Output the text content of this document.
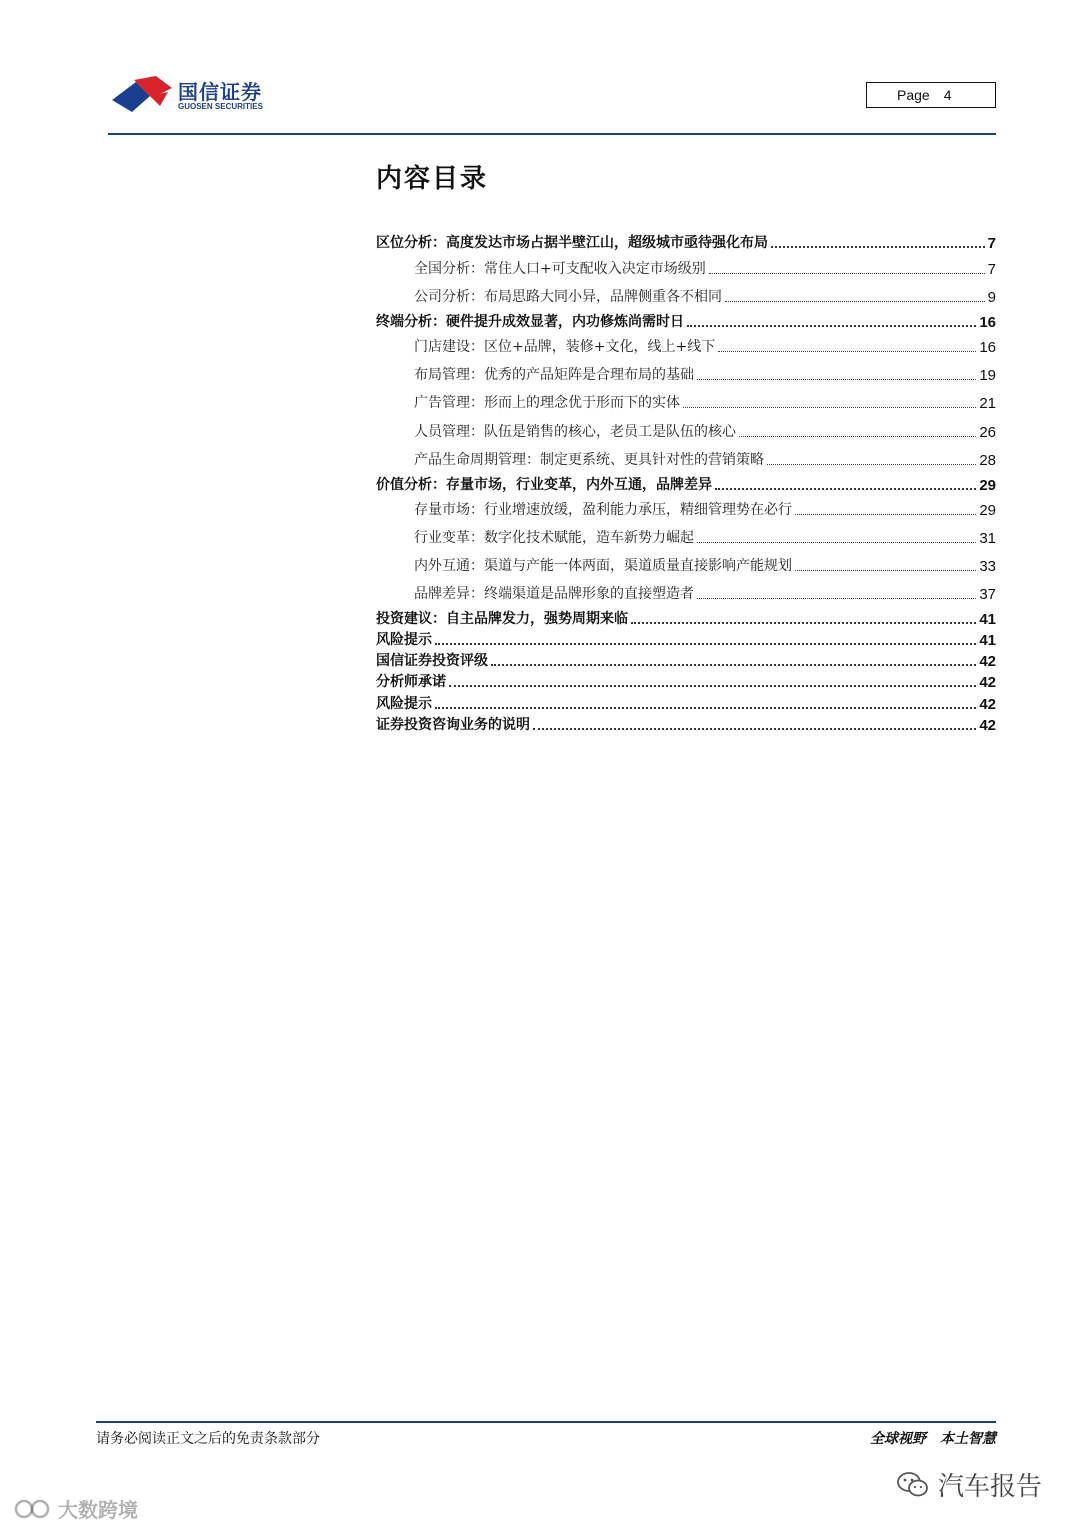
国信证券
GUOSEN SECURITIES
Page 4
内容目录
区位分析：高度发达市场占据半壁江山，超级城市亟待强化布局	7
全国分析：常住人口+可支配收入决定市场级别	7
公司分析：布局思路大同小异，品牌侧重各不相同	9
终端分析：硬件提升成效显著，内功修炼尚需时日	16
门店建设：区位+品牌，装修+文化，线上+线下	16
布局管理：优秀的产品矩阵是合理布局的基础	19
广告管理：形而上的理念优于形而下的实体	21
人员管理：队伍是销售的核心，老员工是队伍的核心	26
产品生命周期管理：制定更系统、更具针对性的营销策略	28
价值分析：存量市场，行业变革，内外互通，品牌差异	29
存量市场：行业增速放缓，盈利能力承压，精细管理势在必行	29
行业变革：数字化技术赋能，造车新势力崛起	31
内外互通：渠道与产能一体两面，渠道质量直接影响产能规划	33
品牌差异：终端渠道是品牌形象的直接塑造者	37
投资建议：自主品牌发力，强势周期来临	41
风险提示	41
国信证券投资评级	42
分析师承诺	42
风险提示	42
证券投资咨询业务的说明	42
请务必阅读正文之后的免责条款部分	全球视野　本土智慧
大数跨境
汽车报告
